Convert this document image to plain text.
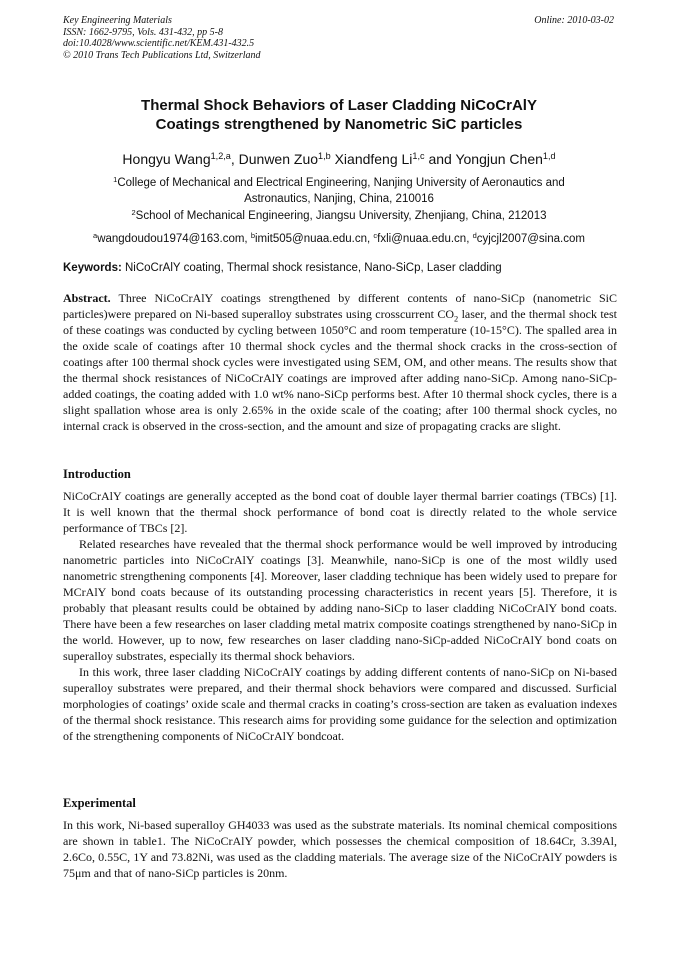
Key Engineering Materials
ISSN: 1662-9795, Vols. 431-432, pp 5-8
doi:10.4028/www.scientific.net/KEM.431-432.5
© 2010 Trans Tech Publications Ltd, Switzerland
Online: 2010-03-02
Thermal Shock Behaviors of Laser Cladding NiCoCrAlY
Coatings strengthened by Nanometric SiC particles
Hongyu Wang$^{1,2,a}$, Dunwen Zuo$^{1,b}$ Xiandfeng Li$^{1,c}$ and Yongjun Chen$^{1,d}$
$^1$College of Mechanical and Electrical Engineering, Nanjing University of Aeronautics and
Astronautics, Nanjing, China, 210016
$^2$School of Mechanical Engineering, Jiangsu University, Zhenjiang, China, 212013
$^a$wangdoudou1974@163.com, $^b$imit505@nuaa.edu.cn, $^c$fxli@nuaa.edu.cn, $^d$cyjcjl2007@sina.com
Keywords: NiCoCrAlY coating, Thermal shock resistance, Nano-SiCp, Laser cladding
Abstract. Three NiCoCrAlY coatings strengthened by different contents of nano-SiCp (nanometric SiC particles)were prepared on Ni-based superalloy substrates using crosscurrent $CO_2$ laser, and the thermal shock test of these coatings was conducted by cycling between 1050°C and room temperature (10-15°C). The spalled area in the oxide scale of coatings after 10 thermal shock cycles and the thermal shock cracks in the cross-section of coatings after 100 thermal shock cycles were investigated using SEM, OM, and other means. The results show that the thermal shock resistances of NiCoCrAlY coatings are improved after adding nano-SiCp. Among nano-SiCp-added coatings, the coating added with 1.0 wt% nano-SiCp performs best. After 10 thermal shock cycles, there is a slight spallation whose area is only 2.65% in the oxide scale of the coating; after 100 thermal shock cycles, no internal crack is observed in the cross-section, and the amount and size of propagating cracks are slight.
Introduction

NiCoCrAlY coatings are generally accepted as the bond coat of double layer thermal barrier coatings (TBCs) [1]. It is well known that the thermal shock performance of bond coat is directly related to the whole service performance of TBCs [2].

Related researches have revealed that the thermal shock performance would be well improved by introducing nanometric particles into NiCoCrAlY coatings [3]. Meanwhile, nano-SiCp is one of the most wildly used nanometric strengthening components [4]. Moreover, laser cladding technique has been widely used to prepare for MCrAlY bond coats because of its outstanding processing characteristics in recent years [5]. Therefore, it is probably that pleasant results could be obtained by adding nano-SiCp to laser cladding NiCoCrAlY bond coats. There have been a few researches on laser cladding metal matrix composite coatings strengthened by nano-SiCp in the world. However, up to now, few researches on laser cladding nano-SiCp-added NiCoCrAlY bond coats on superalloy substrates, especially its thermal shock behaviors.

In this work, three laser cladding NiCoCrAlY coatings by adding different contents of nano-SiCp on Ni-based superalloy substrates were prepared, and their thermal shock behaviors were compared and discussed. Surficial morphologies of coatings’ oxide scale and thermal cracks in coating’s cross-section are taken as evaluation indexes of the thermal shock resistance. This research aims for providing some guidance for the selection and optimization of the strengthening components of NiCoCrAlY bondcoat.

Experimental

In this work, Ni-based superalloy GH4033 was used as the substrate materials. Its nominal chemical compositions are shown in table1. The NiCoCrAlY powder, which possesses the chemical composition of 18.64Cr, 3.39Al, 2.6Co, 0.55C, 1Y and 73.82Ni, was used as the cladding materials. The average size of the NiCoCrAlY powders is 75μm and that of nano-SiCp particles is 20nm.
